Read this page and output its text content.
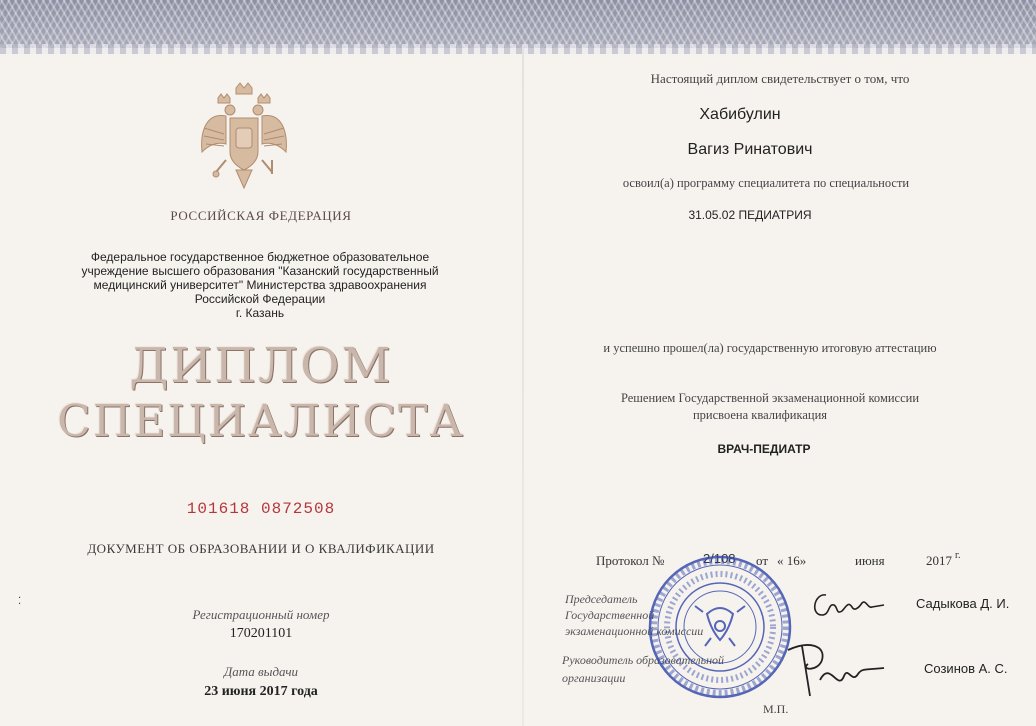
РОССИЙСКАЯ ФЕДЕРАЦИЯ
Федеральное государственное бюджетное образовательное
учреждение высшего образования "Казанский государственный
медицинский университет" Министерства здравоохранения
Российской Федерации
г. Казань
ДИПЛОМ
СПЕЦИАЛИСТА
101618 0872508
ДОКУМЕНТ ОБ ОБРАЗОВАНИИ И О КВАЛИФИКАЦИИ
⁚
Регистрационный номер
170201101
Дата выдачи
23 июня 2017 года
Настоящий диплом свидетельствует о том, что
Хабибулин
Вагиз Ринатович
освоил(а) программу специалитета по специальности
31.05.02 ПЕДИАТРИЯ
и успешно прошел(ла) государственную итоговую аттестацию
Решением Государственной экзаменационной комиссии
присвоена квалификация
ВРАЧ-ПЕДИАТР
Протокол №	2/108 от « 16»	июня	2017 г.
Председатель
Государственной
экзаменационной комиссии
Руководитель образовательной
организации
Садыкова Д. И.
Созинов А. С.
М.П.
